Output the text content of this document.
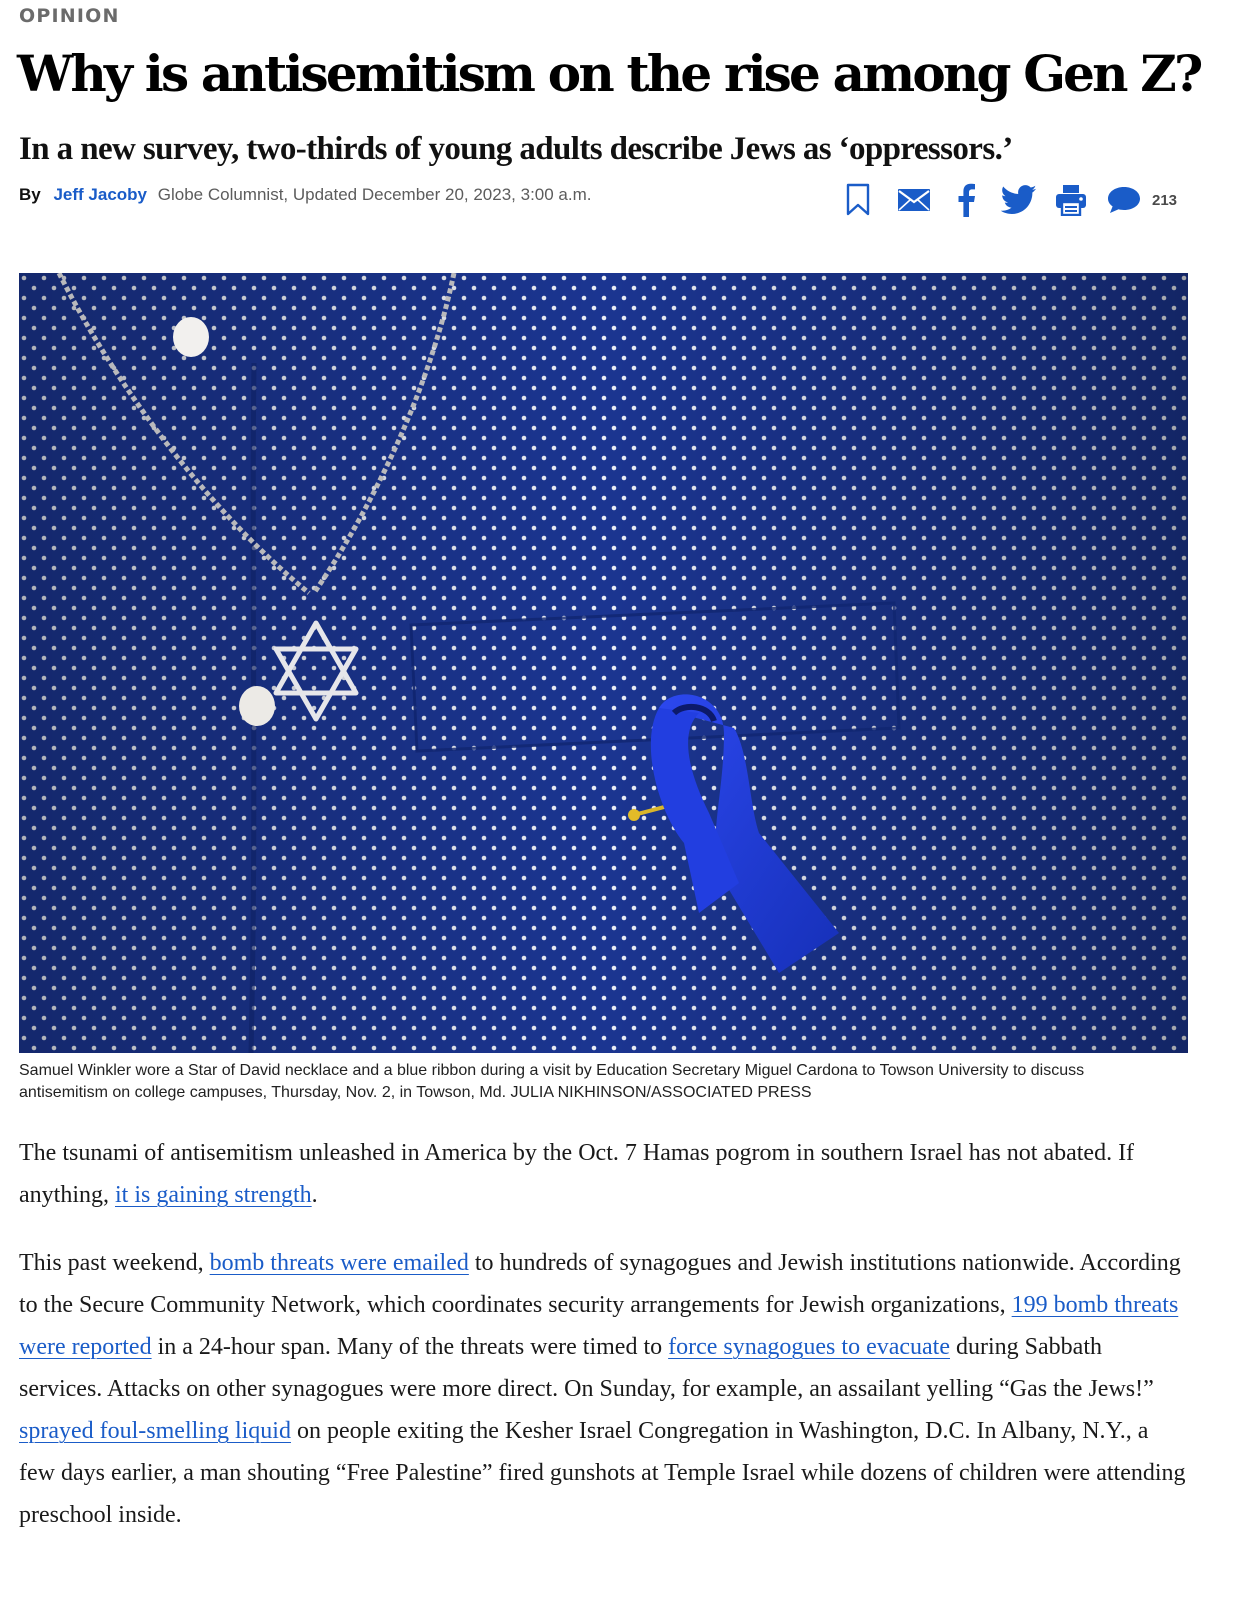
OPINION
Why is antisemitism on the rise among Gen Z?
In a new survey, two-thirds of young adults describe Jews as ‘oppressors.’
By Jeff Jacoby Globe Columnist, Updated December 20, 2023, 3:00 a.m.	213
Samuel Winkler wore a Star of David necklace and a blue ribbon during a visit by Education Secretary Miguel Cardona to Towson University to discuss antisemitism on college campuses, Thursday, Nov. 2, in Towson, Md. JULIA NIKHINSON/ASSOCIATED PRESS

The tsunami of antisemitism unleashed in America by the Oct. 7 Hamas pogrom in southern Israel has not abated. If anything, it is gaining strength.

This past weekend, bomb threats were emailed to hundreds of synagogues and Jewish institutions nationwide. According to the Secure Community Network, which coordinates security arrangements for Jewish organizations, 199 bomb threats were reported in a 24-hour span. Many of the threats were timed to force synagogues to evacuate during Sabbath services. Attacks on other synagogues were more direct. On Sunday, for example, an assailant yelling “Gas the Jews!” sprayed foul-smelling liquid on people exiting the Kesher Israel Congregation in Washington, D.C. In Albany, N.Y., a few days earlier, a man shouting “Free Palestine” fired gunshots at Temple Israel while dozens of children were attending preschool inside.
